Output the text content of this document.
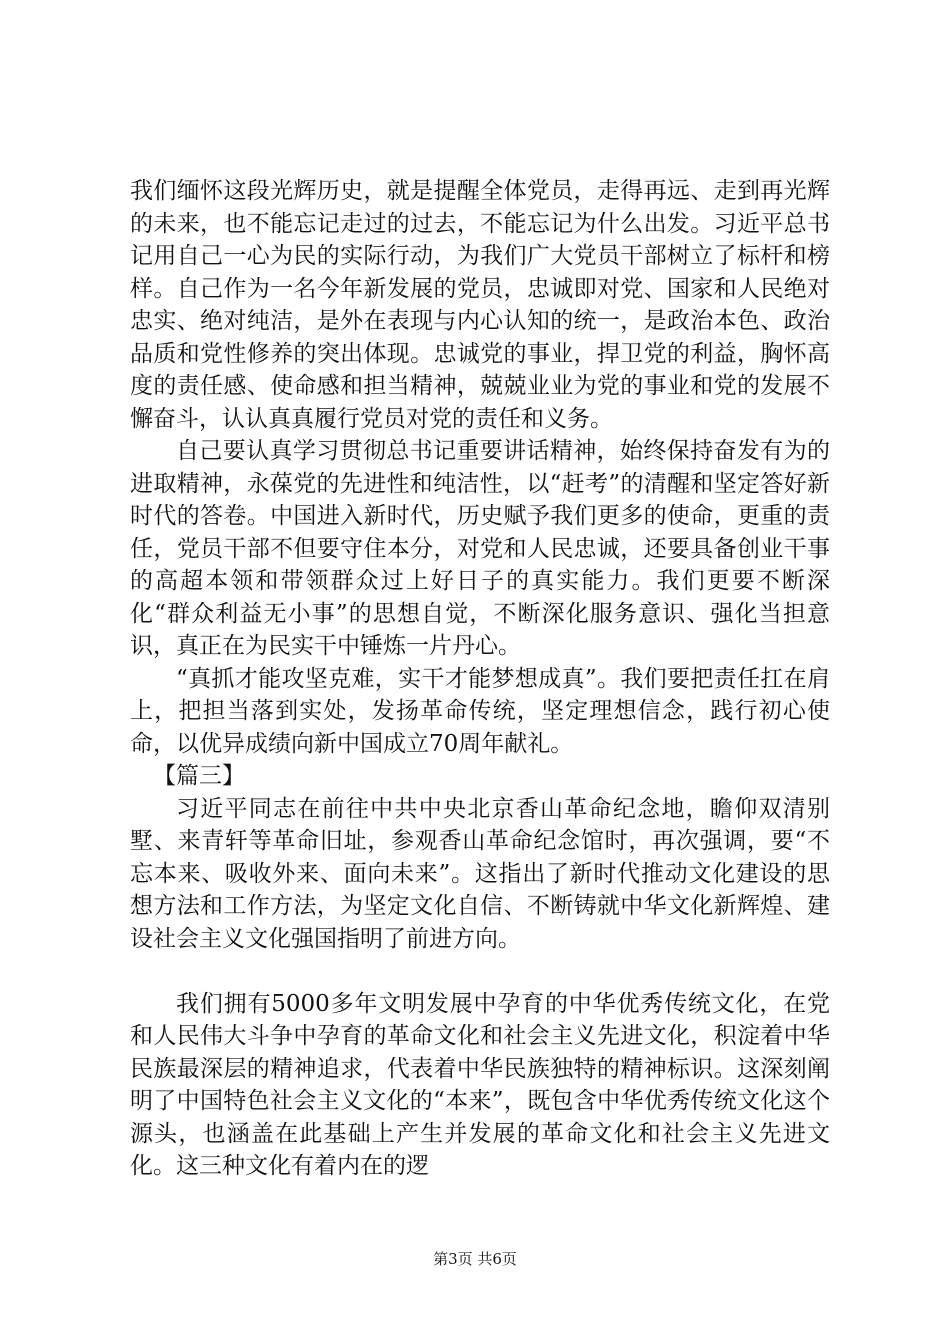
我们缅怀这段光辉历史，就是提醒全体党员，走得再远、走到再光辉的未来，也不能忘记走过的过去，不能忘记为什么出发。习近平总书记用自己一心为民的实际行动，为我们广大党员干部树立了标杆和榜样。自己作为一名今年新发展的党员，忠诚即对党、国家和人民绝对忠实、绝对纯洁，是外在表现与内心认知的统一，是政治本色、政治品质和党性修养的突出体现。忠诚党的事业，捍卫党的利益，胸怀高度的责任感、使命感和担当精神，兢兢业业为党的事业和党的发展不懈奋斗，认认真真履行党员对党的责任和义务。

自己要认真学习贯彻总书记重要讲话精神，始终保持奋发有为的进取精神，永葆党的先进性和纯洁性，以“赶考”的清醒和坚定答好新时代的答卷。中国进入新时代，历史赋予我们更多的使命，更重的责任，党员干部不但要守住本分，对党和人民忠诚，还要具备创业干事的高超本领和带领群众过上好日子的真实能力。我们更要不断深化“群众利益无小事”的思想自觉，不断深化服务意识、强化当担意识，真正在为民实干中锤炼一片丹心。

“真抓才能攻坚克难，实干才能梦想成真”。我们要把责任扛在肩上，把担当落到实处，发扬革命传统，坚定理想信念，践行初心使命，以优异成绩向新中国成立70周年献礼。

【篇三】

习近平同志在前往中共中央北京香山革命纪念地，瞻仰双清别墅、来青轩等革命旧址，参观香山革命纪念馆时，再次强调，要“不忘本来、吸收外来、面向未来”。这指出了新时代推动文化建设的思想方法和工作方法，为坚定文化自信、不断铸就中华文化新辉煌、建设社会主义文化强国指明了前进方向。

我们拥有5000多年文明发展中孕育的中华优秀传统文化，在党和人民伟大斗争中孕育的革命文化和社会主义先进文化，积淀着中华民族最深层的精神追求，代表着中华民族独特的精神标识。这深刻阐明了中国特色社会主义文化的“本来”，既包含中华优秀传统文化这个源头，也涵盖在此基础上产生并发展的革命文化和社会主义先进文化。这三种文化有着内在的逻

第3页 共6页
